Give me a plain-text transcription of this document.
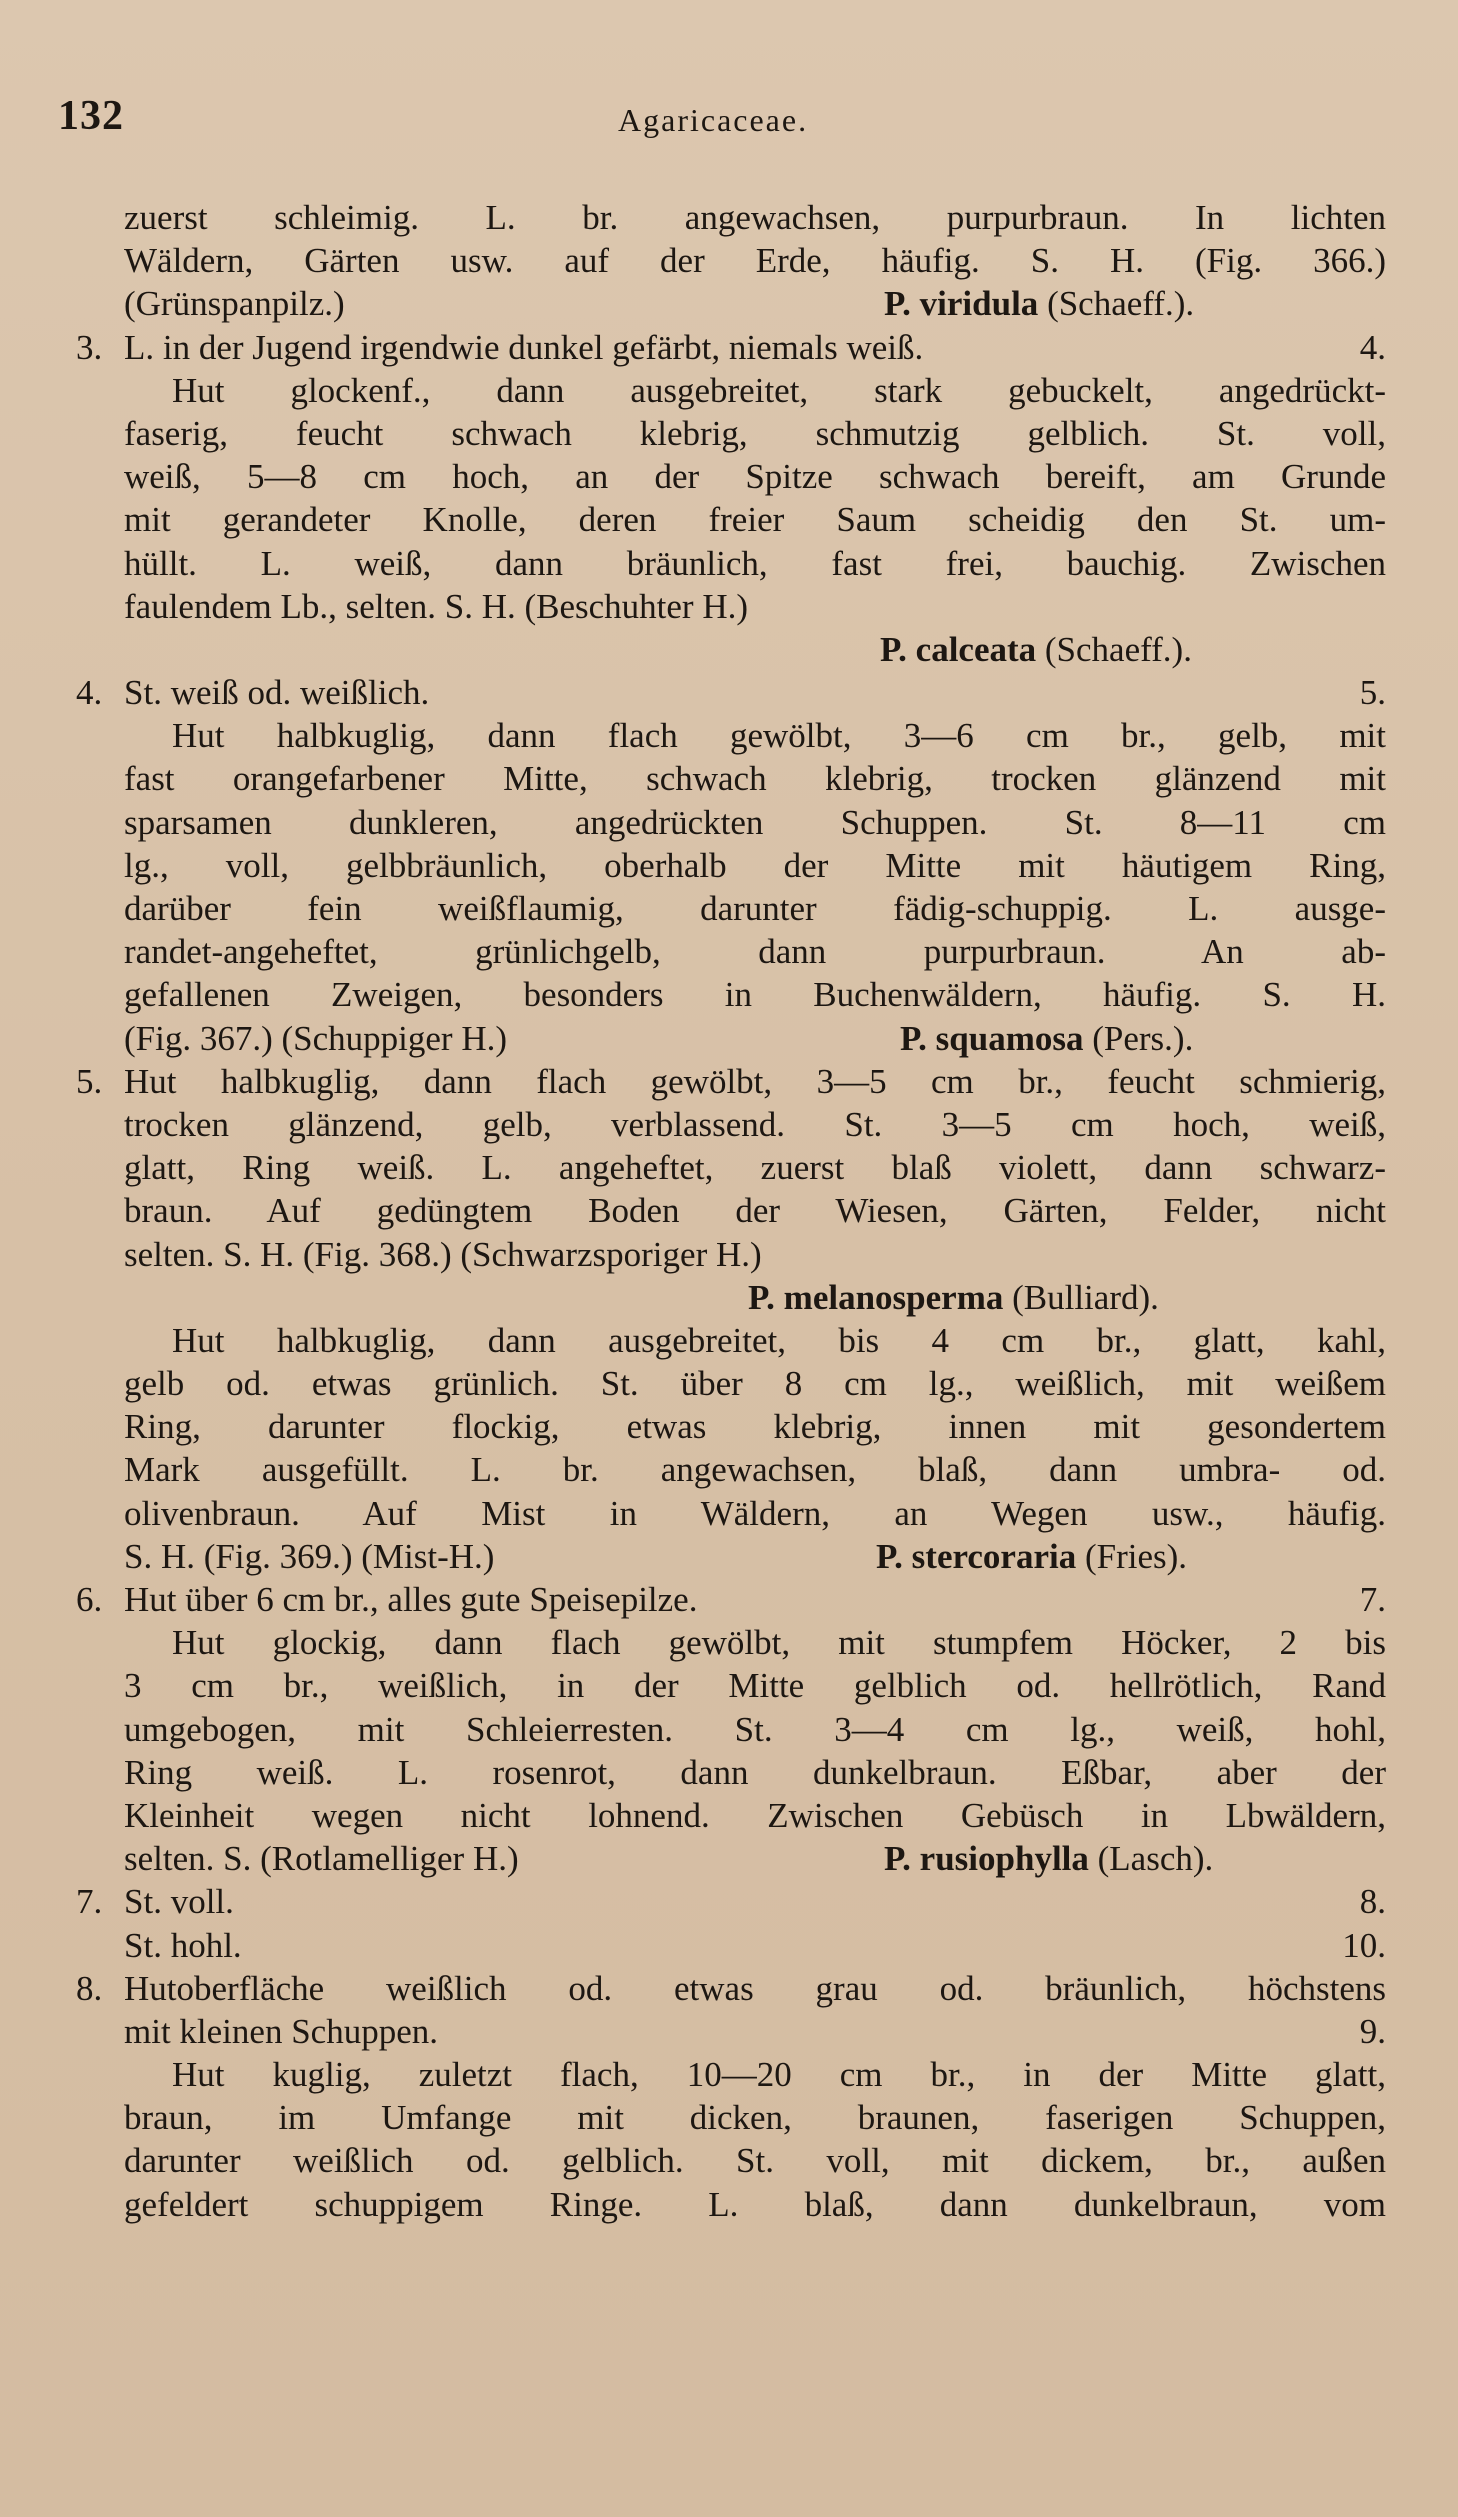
132	Agaricaceae.
zuerst schleimig. L. br. angewachsen, purpurbraun. In lichten
Wäldern, Gärten usw. auf der Erde, häufig. S. H. (Fig. 366.)
(Grünspanpilz.)	P. viridula (Schaeff.).
3. L. in der Jugend irgendwie dunkel gefärbt, niemals weiß.	4.
Hut glockenf., dann ausgebreitet, stark gebuckelt, angedrückt-
faserig, feucht schwach klebrig, schmutzig gelblich. St. voll,
weiß, 5—8 cm hoch, an der Spitze schwach bereift, am Grunde
mit gerandeter Knolle, deren freier Saum scheidig den St. um-
hüllt. L. weiß, dann bräunlich, fast frei, bauchig. Zwischen
faulendem Lb., selten. S. H. (Beschuhter H.)
P. calceata (Schaeff.).
4. St. weiß od. weißlich.	5.
Hut halbkuglig, dann flach gewölbt, 3—6 cm br., gelb, mit
fast orangefarbener Mitte, schwach klebrig, trocken glänzend mit
sparsamen dunkleren, angedrückten Schuppen. St. 8—11 cm
lg., voll, gelbbräunlich, oberhalb der Mitte mit häutigem Ring,
darüber fein weißflaumig, darunter fädig-schuppig. L. ausge-
randet-angeheftet, grünlichgelb, dann purpurbraun. An ab-
gefallenen Zweigen, besonders in Buchenwäldern, häufig. S. H.
(Fig. 367.) (Schuppiger H.)	P. squamosa (Pers.).
5. Hut halbkuglig, dann flach gewölbt, 3—5 cm br., feucht schmierig,
trocken glänzend, gelb, verblassend. St. 3—5 cm hoch, weiß,
glatt, Ring weiß. L. angeheftet, zuerst blaß violett, dann schwarz-
braun. Auf gedüngtem Boden der Wiesen, Gärten, Felder, nicht
selten. S. H. (Fig. 368.) (Schwarzsporiger H.)
P. melanosperma (Bulliard).
Hut halbkuglig, dann ausgebreitet, bis 4 cm br., glatt, kahl,
gelb od. etwas grünlich. St. über 8 cm lg., weißlich, mit weißem
Ring, darunter flockig, etwas klebrig, innen mit gesondertem
Mark ausgefüllt. L. br. angewachsen, blaß, dann umbra- od.
olivenbraun. Auf Mist in Wäldern, an Wegen usw., häufig.
S. H. (Fig. 369.) (Mist-H.)	P. stercoraria (Fries).
6. Hut über 6 cm br., alles gute Speisepilze.	7.
Hut glockig, dann flach gewölbt, mit stumpfem Höcker, 2 bis
3 cm br., weißlich, in der Mitte gelblich od. hellrötlich, Rand
umgebogen, mit Schleierresten. St. 3—4 cm lg., weiß, hohl,
Ring weiß. L. rosenrot, dann dunkelbraun. Eßbar, aber der
Kleinheit wegen nicht lohnend. Zwischen Gebüsch in Lbwäldern,
selten. S. (Rotlamelliger H.)	P. rusiophylla (Lasch).
7. St. voll.	8.
St. hohl.	10.
8. Hutoberfläche weißlich od. etwas grau od. bräunlich, höchstens
mit kleinen Schuppen.	9.
Hut kuglig, zuletzt flach, 10—20 cm br., in der Mitte glatt,
braun, im Umfange mit dicken, braunen, faserigen Schuppen,
darunter weißlich od. gelblich. St. voll, mit dickem, br., außen
gefeldert schuppigem Ringe. L. blaß, dann dunkelbraun, vom
